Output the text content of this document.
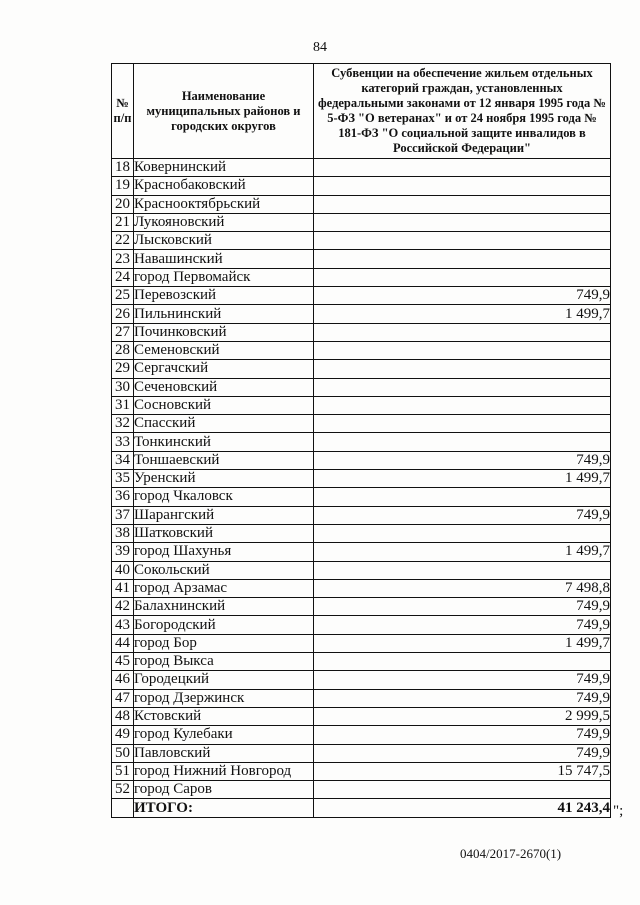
84
№ п/п	Наименование муниципальных районов и городских округов	Субвенции на обеспечение жильем отдельных категорий граждан, установленных федеральными законами от 12 января 1995 года № 5-ФЗ "О ветеранах" и от 24 ноября 1995 года № 181-ФЗ "О социальной защите инвалидов в Российской Федерации"
18	Ковернинский	
19	Краснобаковский	
20	Краснооктябрьский	
21	Лукояновский	
22	Лысковский	
23	Навашинский	
24	город Первомайск	
25	Перевозский	749,9
26	Пильнинский	1 499,7
27	Починковский	
28	Семеновский	
29	Сергачский	
30	Сеченовский	
31	Сосновский	
32	Спасский	
33	Тонкинский	
34	Тоншаевский	749,9
35	Уренский	1 499,7
36	город Чкаловск	
37	Шарангский	749,9
38	Шатковский	
39	город Шахунья	1 499,7
40	Сокольский	
41	город Арзамас	7 498,8
42	Балахнинский	749,9
43	Богородский	749,9
44	город Бор	1 499,7
45	город Выкса	
46	Городецкий	749,9
47	город Дзержинск	749,9
48	Кстовский	2 999,5
49	город Кулебаки	749,9
50	Павловский	749,9
51	город Нижний Новгород	15 747,5
52	город Саров	
	ИТОГО:	41 243,4 ";
0404/2017-2670(1)
